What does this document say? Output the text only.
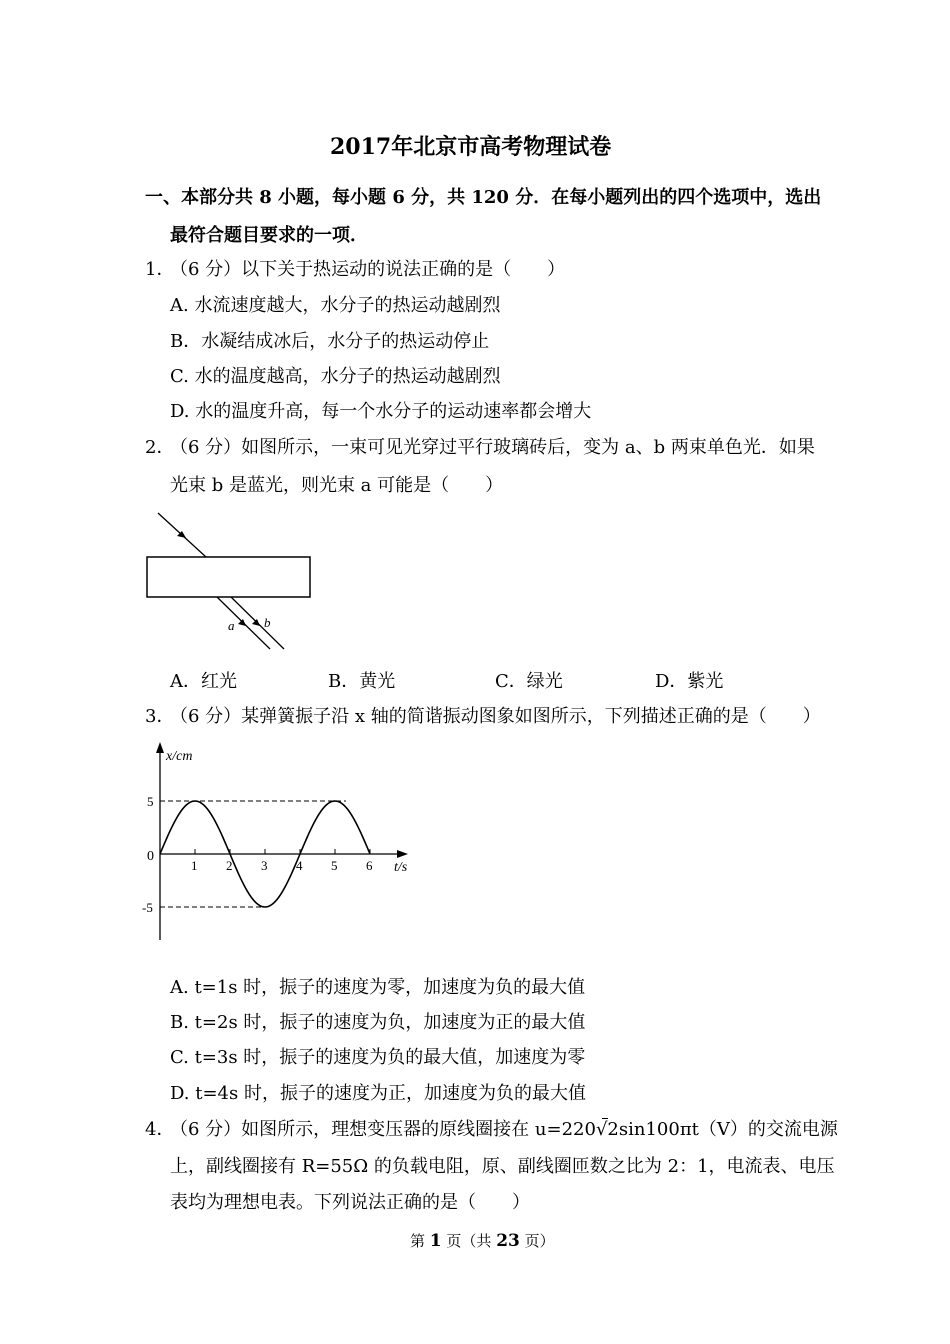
2017年北京市高考物理试卷
一、本部分共 8 小题，每小题 6 分，共 120 分．在每小题列出的四个选项中，选出
最符合题目要求的一项．
1．
（6 分）以下关于热运动的说法正确的是（　　）
A. 水流速度越大，水分子的热运动越剧烈
B．水凝结成冰后，水分子的热运动停止
C. 水的温度越高，水分子的热运动越剧烈
D. 水的温度升高，每一个水分子的运动速率都会增大
2．
（6 分）如图所示，一束可见光穿过平行玻璃砖后，变为 a、b 两束单色光．如果
光束 b 是蓝光，则光束 a 可能是（　　）
a b
A．红光	B．黄光	C．绿光	D．紫光
3．
（6 分）某弹簧振子沿 x 轴的简谐振动图象如图所示，下列描述正确的是（　　）
x/cm
t/s
0
1 2 3 4 5 6
5
-5
A. t=1s 时，振子的速度为零，加速度为负的最大值
B. t=2s 时，振子的速度为负，加速度为正的最大值
C. t=3s 时，振子的速度为负的最大值，加速度为零
D. t=4s 时，振子的速度为正，加速度为负的最大值
4．
（6 分）如图所示，理想变压器的原线圈接在 u=220√
2sin100πt（V）的交流电源
上，副线圈接有 R=55Ω 的负载电阻，原、副线圈匝数之比为 2：1，电流表、电压
表均为理想电表。下列说法正确的是（　　）
第 1 页（共 23 页）
